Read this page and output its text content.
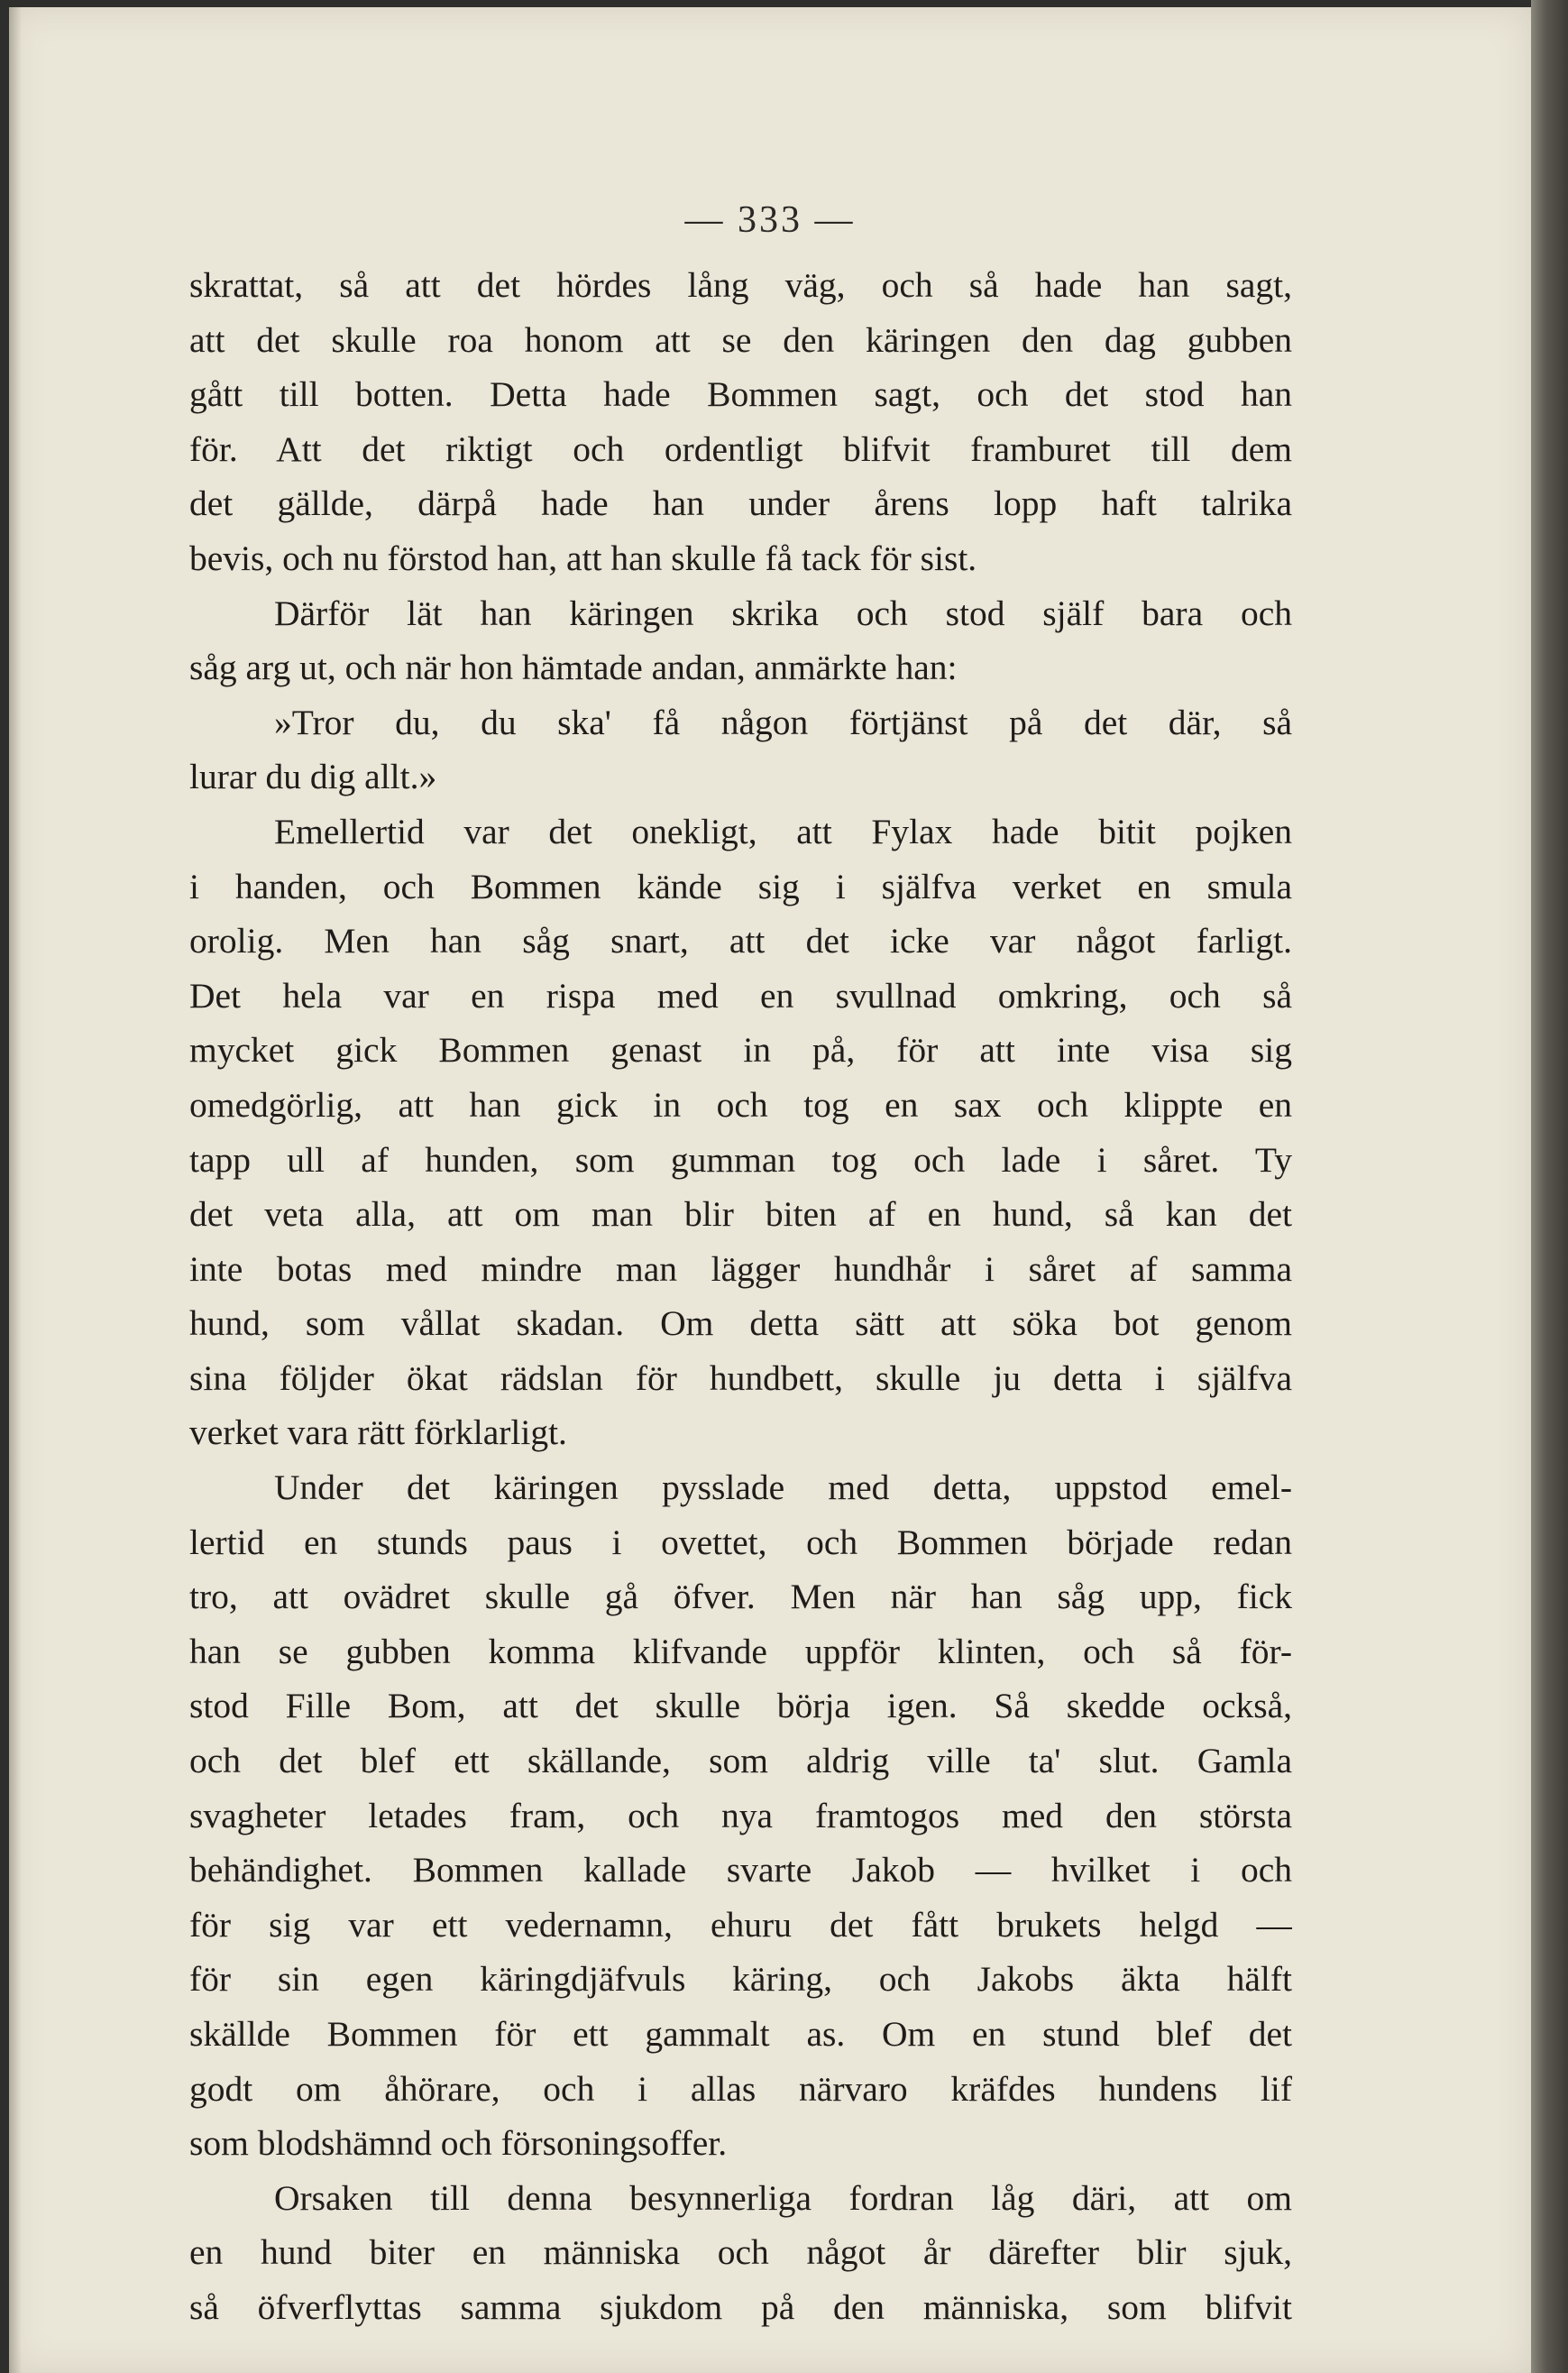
— 333 —
skrattat, så att det hördes lång väg, och så hade han sagt,
att det skulle roa honom att se den käringen den dag gubben
gått till botten. Detta hade Bommen sagt, och det stod han
för. Att det riktigt och ordentligt blifvit framburet till dem
det gällde, därpå hade han under årens lopp haft talrika
bevis, och nu förstod han, att han skulle få tack för sist.
Därför lät han käringen skrika och stod själf bara och
såg arg ut, och när hon hämtade andan, anmärkte han:
»Tror du, du ska' få någon förtjänst på det där, så
lurar du dig allt.»
Emellertid var det onekligt, att Fylax hade bitit pojken
i handen, och Bommen kände sig i själfva verket en smula
orolig. Men han såg snart, att det icke var något farligt.
Det hela var en rispa med en svullnad omkring, och så
mycket gick Bommen genast in på, för att inte visa sig
omedgörlig, att han gick in och tog en sax och klippte en
tapp ull af hunden, som gumman tog och lade i såret. Ty
det veta alla, att om man blir biten af en hund, så kan det
inte botas med mindre man lägger hundhår i såret af samma
hund, som vållat skadan. Om detta sätt att söka bot genom
sina följder ökat rädslan för hundbett, skulle ju detta i själfva
verket vara rätt förklarligt.
Under det käringen pysslade med detta, uppstod emel-
lertid en stunds paus i ovettet, och Bommen började redan
tro, att ovädret skulle gå öfver. Men när han såg upp, fick
han se gubben komma klifvande uppför klinten, och så för-
stod Fille Bom, att det skulle börja igen. Så skedde också,
och det blef ett skällande, som aldrig ville ta' slut. Gamla
svagheter letades fram, och nya framtogos med den största
behändighet. Bommen kallade svarte Jakob — hvilket i och
för sig var ett vedernamn, ehuru det fått brukets helgd —
för sin egen käringdjäfvuls käring, och Jakobs äkta hälft
skällde Bommen för ett gammalt as. Om en stund blef det
godt om åhörare, och i allas närvaro kräfdes hundens lif
som blodshämnd och försoningsoffer.
Orsaken till denna besynnerliga fordran låg däri, att om
en hund biter en människa och något år därefter blir sjuk,
så öfverflyttas samma sjukdom på den människa, som blifvit
